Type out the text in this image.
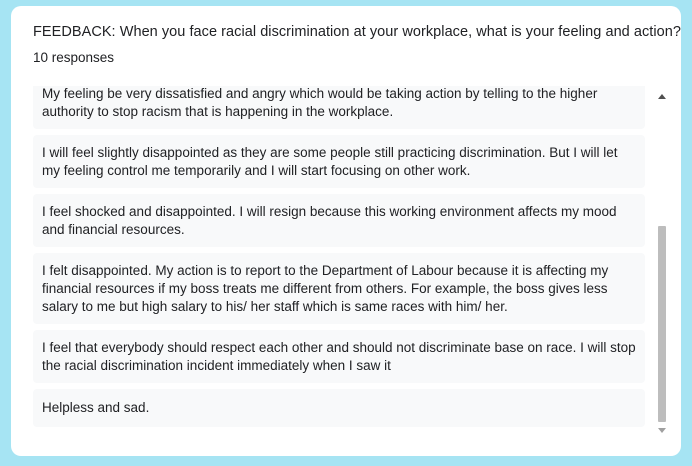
FEEDBACK: When you face racial discrimination at your workplace, what is your feeling and action?
10 responses
My feeling be very dissatisfied and angry which would be taking action by telling to the higher authority to stop racism that is happening in the workplace.
I will feel slightly disappointed as they are some people still practicing discrimination. But I will let my feeling control me temporarily and I will start focusing on other work.
I feel shocked and disappointed. I will resign because this working environment affects my mood and financial resources.
I felt disappointed. My action is to report to the Department of Labour because it is affecting my financial resources if my boss treats me different from others. For example, the boss gives less salary to me but high salary to his/ her staff which is same races with him/ her.
I feel that everybody should respect each other and should not discriminate base on race. I will stop the racial discrimination incident immediately when I saw it
Helpless and sad.
